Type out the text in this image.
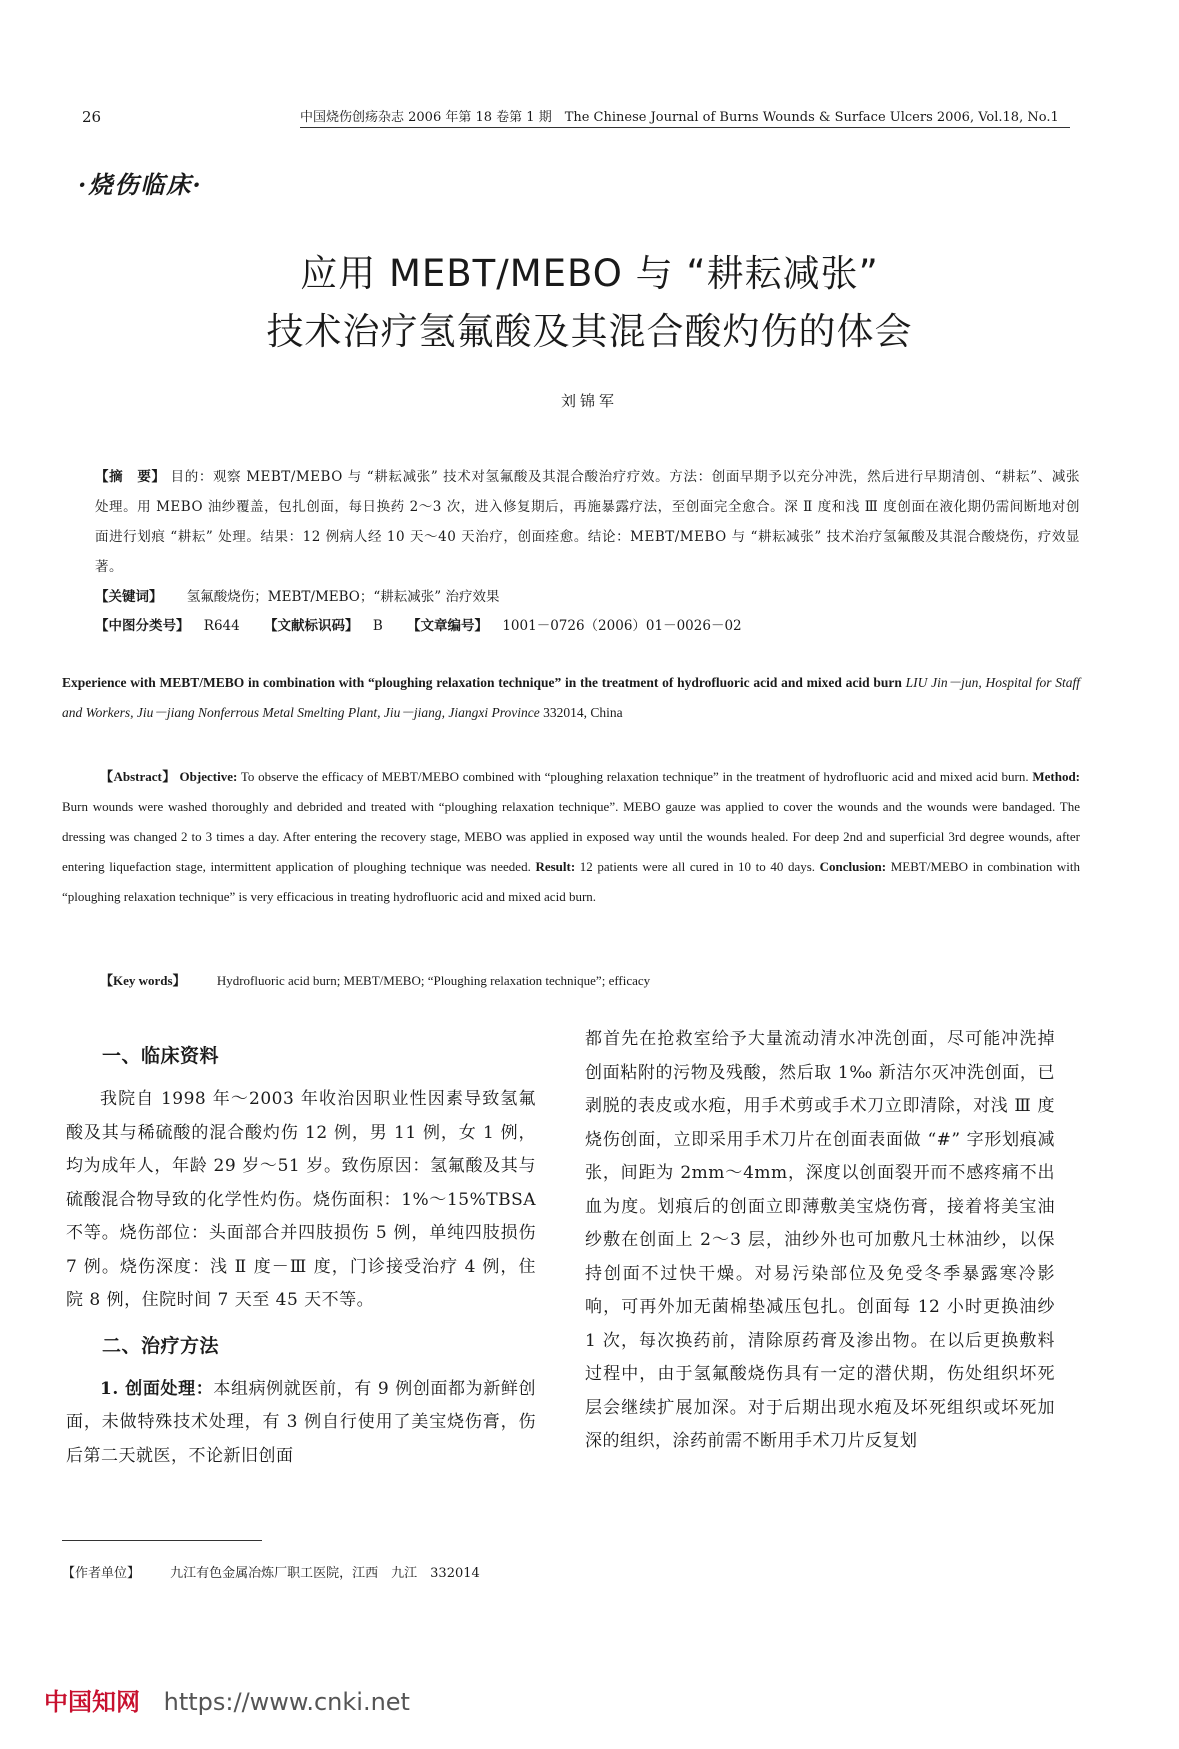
26	中国烧伤创疡杂志 2006 年第 18 卷第 1 期　The Chinese Journal of Burns Wounds & Surface Ulcers 2006, Vol.18, No.1
·烧伤临床·
应用 MEBT/MEBO 与 “耕耘减张”
技术治疗氢氟酸及其混合酸灼伤的体会
刘锦军
【摘　要】 目的：观察 MEBT/MEBO 与 “耕耘减张” 技术对氢氟酸及其混合酸治疗疗效。方法：创面早期予以充分冲洗，然后进行早期清创、“耕耘”、减张处理。用 MEBO 油纱覆盖，包扎创面，每日换药 2～3 次，进入修复期后，再施暴露疗法，至创面完全愈合。深 Ⅱ 度和浅 Ⅲ 度创面在液化期仍需间断地对创面进行划痕 “耕耘” 处理。结果：12 例病人经 10 天～40 天治疗，创面痊愈。结论：MEBT/MEBO 与 “耕耘减张” 技术治疗氢氟酸及其混合酸烧伤，疗效显著。
【关键词】 氢氟酸烧伤；MEBT/MEBO；“耕耘减张” 治疗效果
【中图分类号】 R644 【文献标识码】 B 【文章编号】 1001－0726（2006）01－0026－02
Experience with MEBT/MEBO in combination with “ploughing relaxation technique” in the treatment of hydrofluoric acid and mixed acid burn LIU Jin－jun, Hospital for Staff and Workers, Jiu－jiang Nonferrous Metal Smelting Plant, Jiu－jiang, Jiangxi Province 332014, China
【Abstract】 Objective: To observe the efficacy of MEBT/MEBO combined with “ploughing relaxation technique” in the treatment of hydrofluoric acid and mixed acid burn. Method: Burn wounds were washed thoroughly and debrided and treated with “ploughing relaxation technique”. MEBO gauze was applied to cover the wounds and the wounds were bandaged. The dressing was changed 2 to 3 times a day. After entering the recovery stage, MEBO was applied in exposed way until the wounds healed. For deep 2nd and superficial 3rd degree wounds, after entering liquefaction stage, intermittent application of ploughing technique was needed. Result: 12 patients were all cured in 10 to 40 days. Conclusion: MEBT/MEBO in combination with “ploughing relaxation technique” is very efficacious in treating hydrofluoric acid and mixed acid burn.
【Key words】 Hydrofluoric acid burn; MEBT/MEBO; “Ploughing relaxation technique”; efficacy
一、临床资料
我院自 1998 年～2003 年收治因职业性因素导致氢氟酸及其与稀硫酸的混合酸灼伤 12 例，男 11 例，女 1 例，均为成年人，年龄 29 岁～51 岁。致伤原因：氢氟酸及其与硫酸混合物导致的化学性灼伤。烧伤面积：1%～15%TBSA 不等。烧伤部位：头面部合并四肢损伤 5 例，单纯四肢损伤 7 例。烧伤深度：浅 Ⅱ 度－Ⅲ 度，门诊接受治疗 4 例，住院 8 例，住院时间 7 天至 45 天不等。
二、治疗方法
1. 创面处理：本组病例就医前，有 9 例创面都为新鲜创面，未做特殊技术处理，有 3 例自行使用了美宝烧伤膏，伤后第二天就医，不论新旧创面
都首先在抢救室给予大量流动清水冲洗创面，尽可能冲洗掉创面粘附的污物及残酸，然后取 1‰ 新洁尔灭冲洗创面，已剥脱的表皮或水疱，用手术剪或手术刀立即清除，对浅 Ⅲ 度烧伤创面，立即采用手术刀片在创面表面做 “#” 字形划痕减张，间距为 2mm～4mm，深度以创面裂开而不感疼痛不出血为度。划痕后的创面立即薄敷美宝烧伤膏，接着将美宝油纱敷在创面上 2～3 层，油纱外也可加敷凡士林油纱，以保持创面不过快干燥。对易污染部位及免受冬季暴露寒冷影响，可再外加无菌棉垫减压包扎。创面每 12 小时更换油纱 1 次，每次换药前，清除原药膏及渗出物。在以后更换敷料过程中，由于氢氟酸烧伤具有一定的潜伏期，伤处组织坏死层会继续扩展加深。对于后期出现水疱及坏死组织或坏死加深的组织，涂药前需不断用手术刀片反复划
【作者单位】 九江有色金属冶炼厂职工医院，江西　九江　332014
中国知网 https://www.cnki.net
